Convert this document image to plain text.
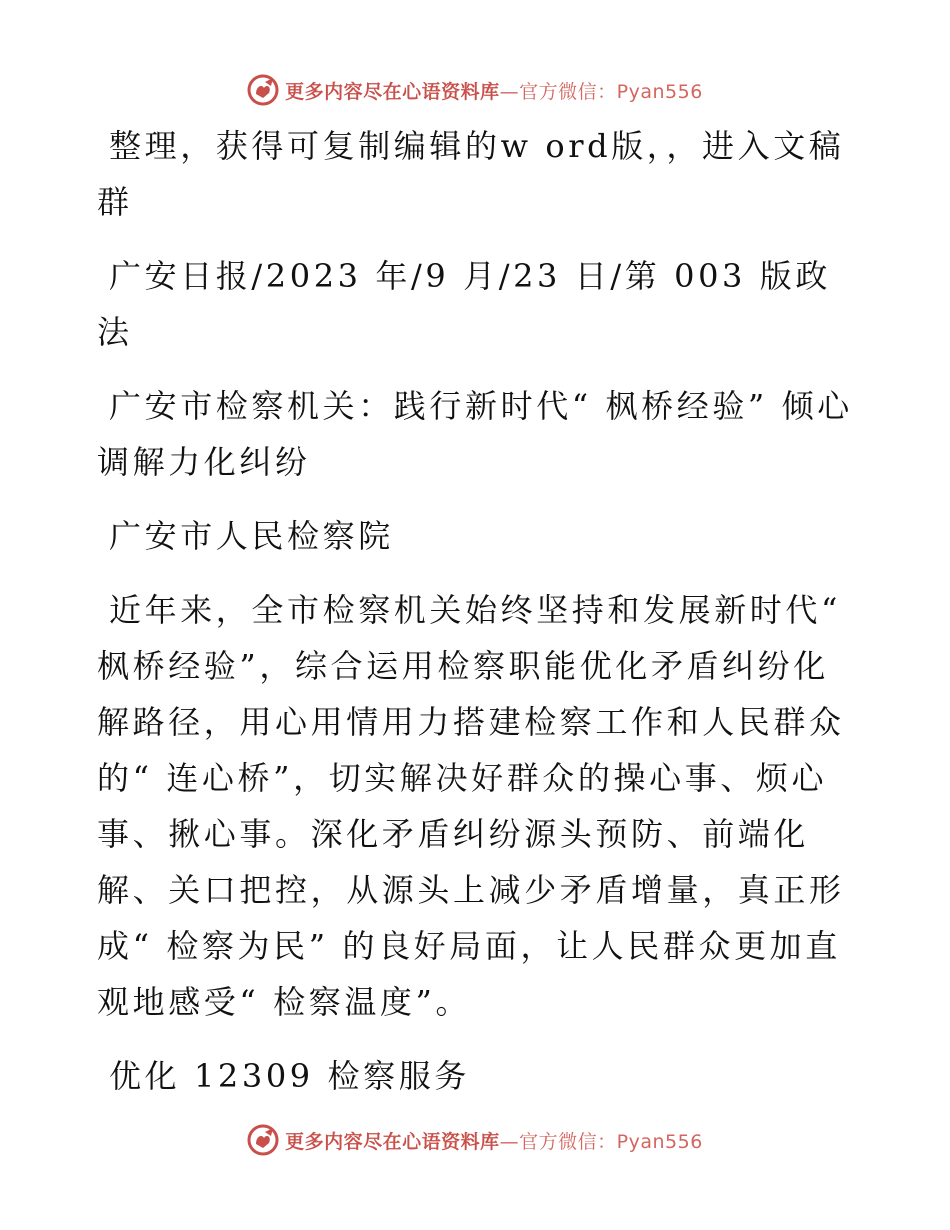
更多内容尽在心语资料库—官方微信：Pyan556

整理，获得可复制编辑的w ord版，，进入文稿群

广安日报/2023 年/9 月/23 日/第 003 版政法

广安市检察机关：践行新时代“ 枫桥经验” 倾心调解力化纠纷

广安市人民检察院

近年来，全市检察机关始终坚持和发展新时代“ 枫桥经验”，综合运用检察职能优化矛盾纠纷化解路径，用心用情用力搭建检察工作和人民群众的“ 连心桥”，切实解决好群众的操心事、烦心事、揪心事。深化矛盾纠纷源头预防、前端化解、关口把控，从源头上减少矛盾增量，真正形成“ 检察为民” 的良好局面，让人民群众更加直观地感受“ 检察温度”。

优化 12309 检察服务

更多内容尽在心语资料库—官方微信：Pyan556
